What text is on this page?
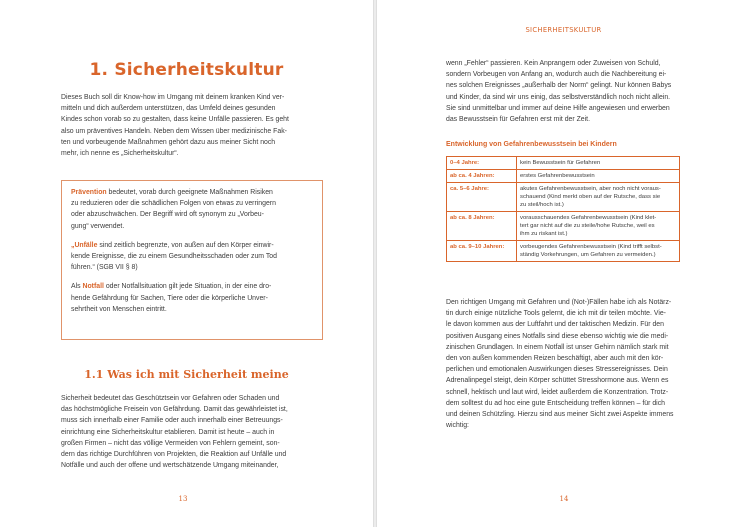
1. Sicherheitskultur

Dieses Buch soll dir Know-how im Umgang mit deinem kranken Kind ver-

mitteln und dich außerdem unterstützen, das Umfeld deines gesunden

Kindes schon vorab so zu gestalten, dass keine Unfälle passieren. Es geht

also um präventives Handeln. Neben dem Wissen über medizinische Fak-

ten und vorbeugende Maßnahmen gehört dazu aus meiner Sicht noch

mehr, ich nenne es „Sicherheitskultur“.

Prävention bedeutet, vorab durch geeignete Maßnahmen Risiken
zu reduzieren oder die schädlichen Folgen von etwas zu verringern
oder abzuschwächen. Der Begriff wird oft synonym zu „Vorbeu-
gung“ verwendet.

„Unfälle sind zeitlich begrenzte, von außen auf den Körper einwir-
kende Ereignisse, die zu einem Gesundheitsschaden oder zum Tod
führen.“ (SGB VII § 8)

Als Notfall oder Notfallsituation gilt jede Situation, in der eine dro-
hende Gefährdung für Sachen, Tiere oder die körperliche Unver-
sehrtheit von Menschen eintritt.

1.1 Was ich mit Sicherheit meine

Sicherheit bedeutet das Geschütztsein vor Gefahren oder Schaden und

das höchstmögliche Freisein von Gefährdung. Damit das gewährleistet ist,

muss sich innerhalb einer Familie oder auch innerhalb einer Betreuungs-

einrichtung eine Sicherheitskultur etablieren. Damit ist heute – auch in

großen Firmen – nicht das völlige Vermeiden von Fehlern gemeint, son-

dern das richtige Durchführen von Projekten, die Reaktion auf Unfälle und

Notfälle und auch der offene und wertschätzende Umgang miteinander,

13
SICHERHEITSKULTUR
14

wenn „Fehler“ passieren. Kein Anprangern oder Zuweisen von Schuld,

sondern Vorbeugen von Anfang an, wodurch auch die Nachbereitung ei-

nes solchen Ereignisses „außerhalb der Norm“ gelingt. Nur können Babys

und Kinder, da sind wir uns einig, das selbstverständlich noch nicht allein.

Sie sind unmittelbar und immer auf deine Hilfe angewiesen und erwerben

das Bewusstsein für Gefahren erst mit der Zeit.

Entwicklung von Gefahrenbewusstsein bei Kindern

0–4 Jahre:	kein Bewusstsein für Gefahren
ab ca. 4 Jahren:	erstes Gefahrenbewusstsein
ca. 5–6 Jahre:	akutes Gefahrenbewusstsein, aber noch nicht voraus-
schauend (Kind merkt oben auf der Rutsche, dass sie
zu steil/hoch ist.)
ab ca. 8 Jahren:	vorausschauendes Gefahrenbewusstsein (Kind klet-
tert gar nicht auf die zu steile/hohe Rutsche, weil es
ihm zu riskant ist.)
ab ca. 9–10 Jahren:	vorbeugendes Gefahrenbewusstsein (Kind trifft selbst-
ständig Vorkehrungen, um Gefahren zu vermeiden.)

Den richtigen Umgang mit Gefahren und (Not-)Fällen habe ich als Notärz-

tin durch einige nützliche Tools gelernt, die ich mit dir teilen möchte. Vie-

le davon kommen aus der Luftfahrt und der taktischen Medizin. Für den

positiven Ausgang eines Notfalls sind diese ebenso wichtig wie die medi-

zinischen Grundlagen. In einem Notfall ist unser Gehirn nämlich stark mit

den von außen kommenden Reizen beschäftigt, aber auch mit den kör-

perlichen und emotionalen Auswirkungen dieses Stressereignisses. Dein

Adrenalinpegel steigt, dein Körper schüttet Stresshormone aus. Wenn es

schnell, hektisch und laut wird, leidet außerdem die Konzentration. Trotz-

dem solltest du ad hoc eine gute Entscheidung treffen können – für dich

und deinen Schützling. Hierzu sind aus meiner Sicht zwei Aspekte immens

wichtig:
